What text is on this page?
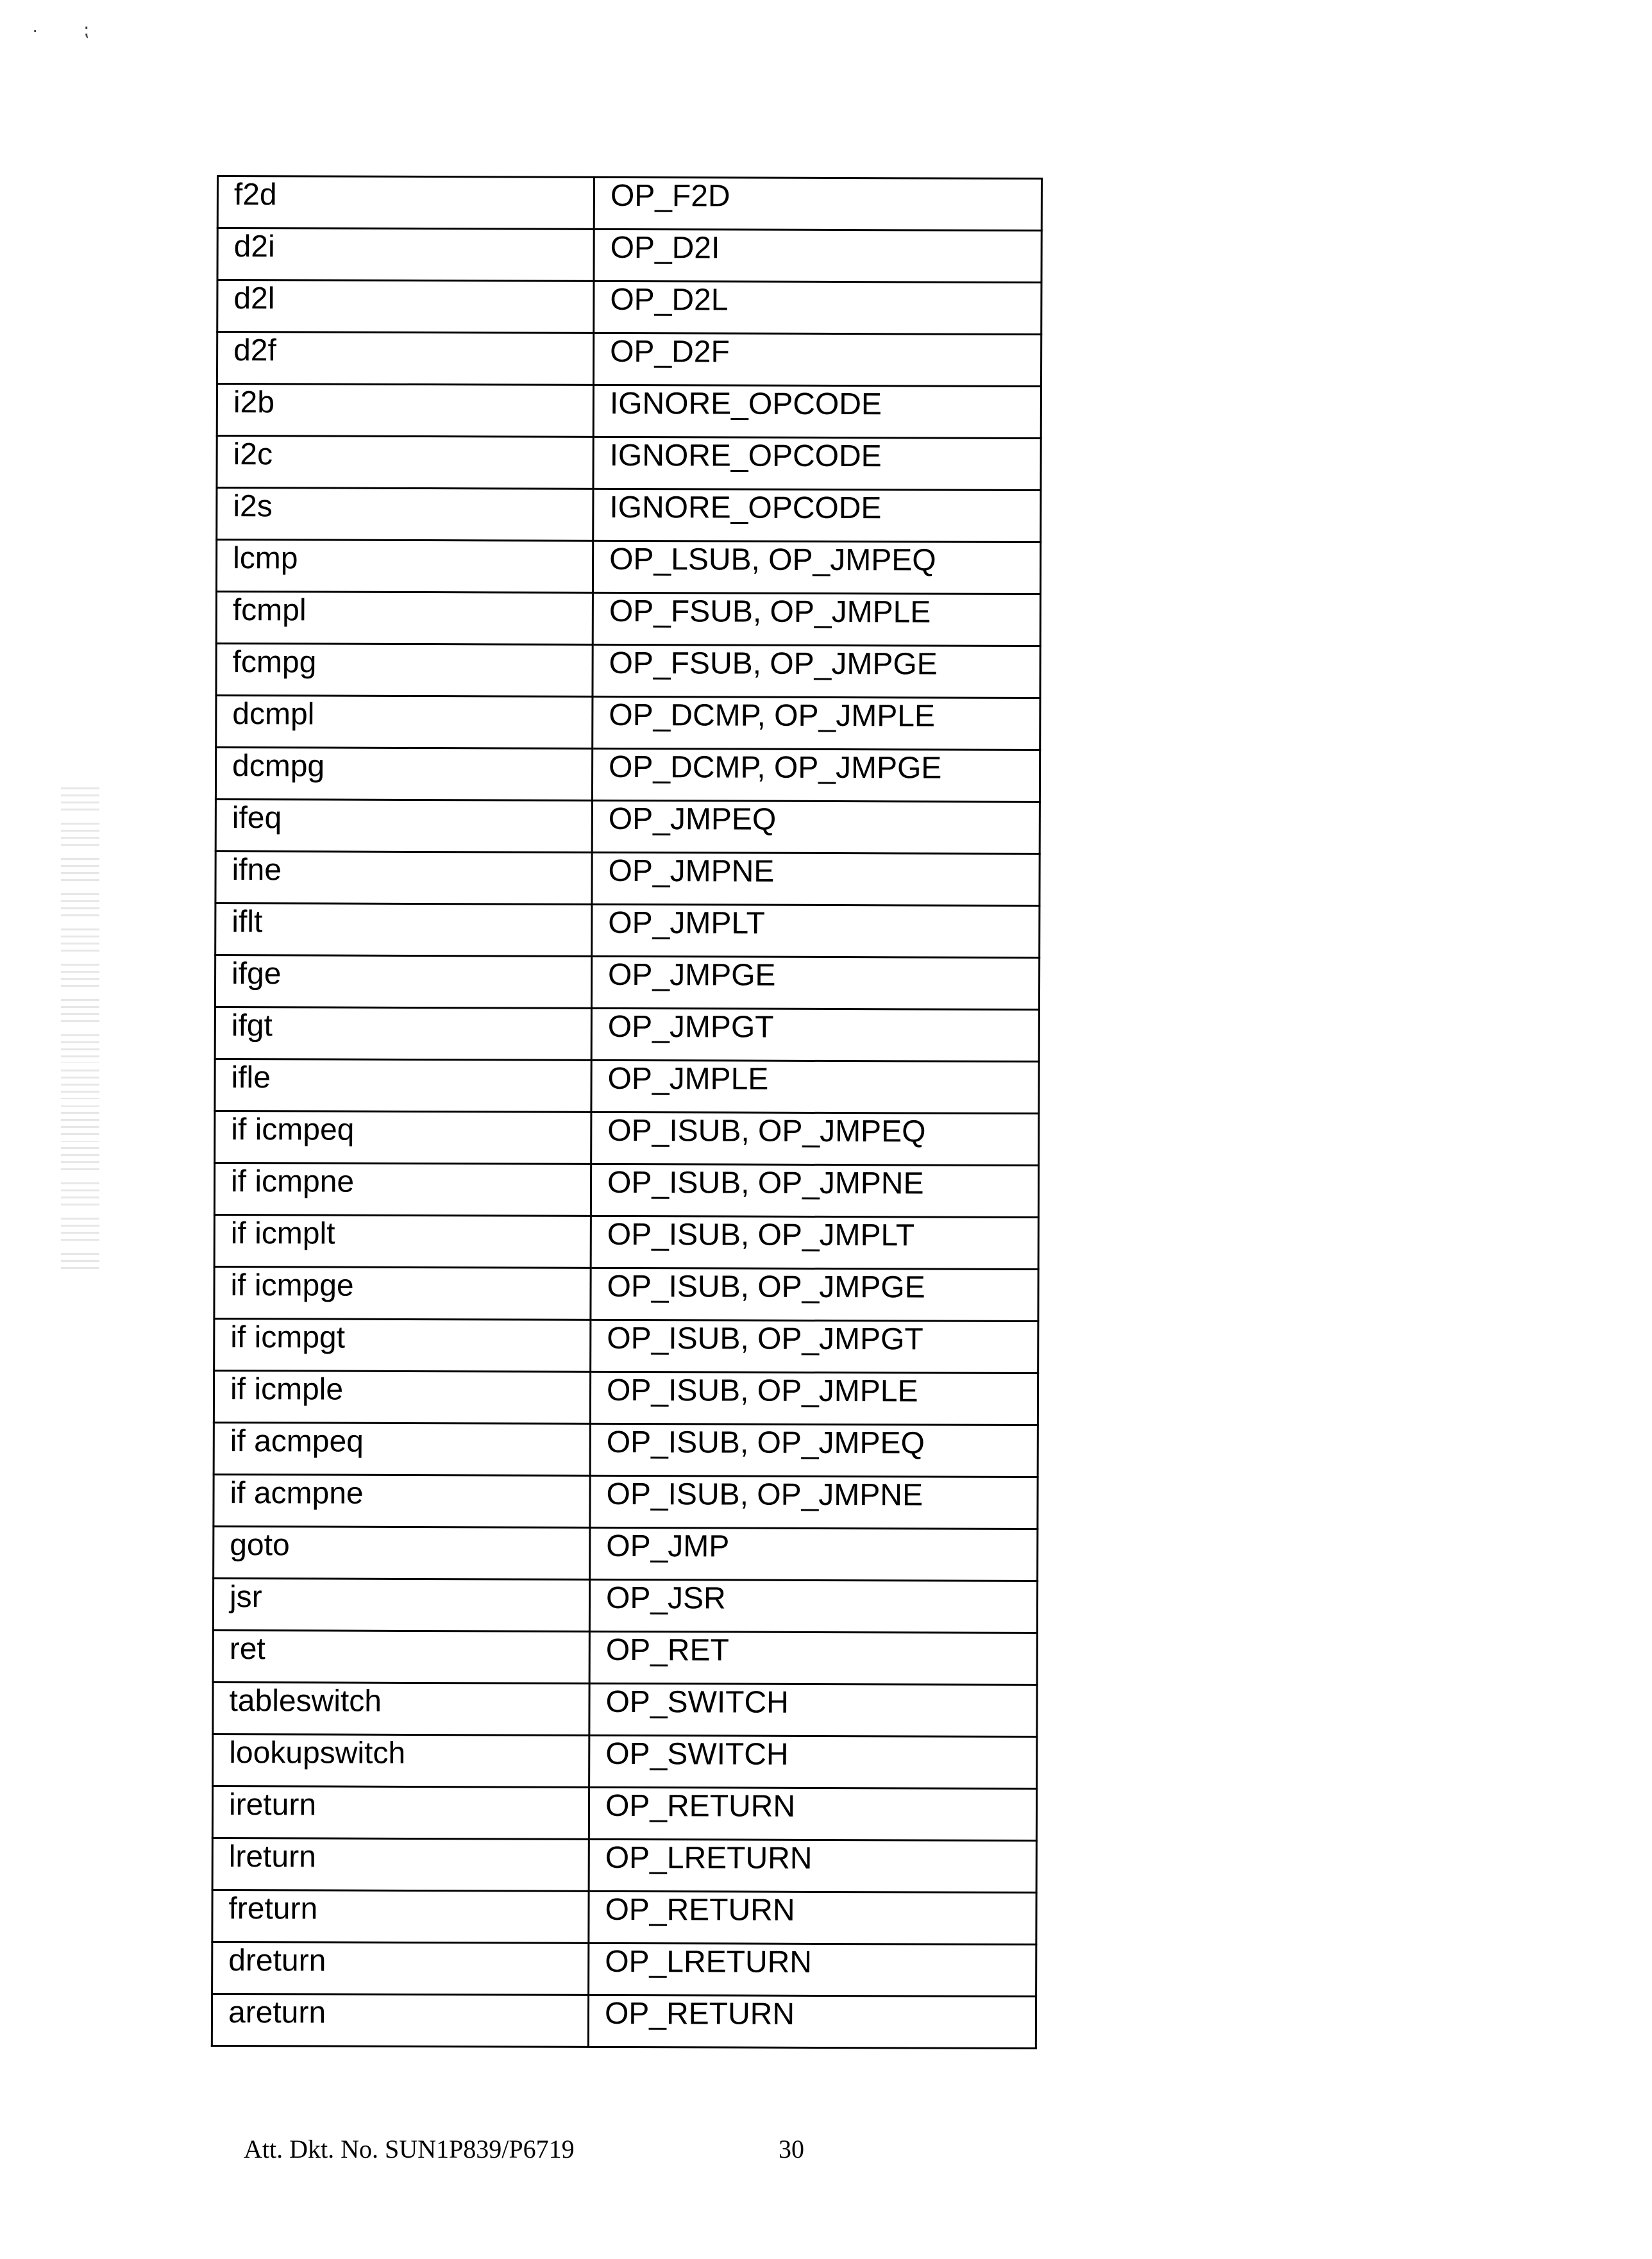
·         ⁏
f2d	OP_F2D
d2i	OP_D2I
d2l	OP_D2L
d2f	OP_D2F
i2b	IGNORE_OPCODE
i2c	IGNORE_OPCODE
i2s	IGNORE_OPCODE
lcmp	OP_LSUB, OP_JMPEQ
fcmpl	OP_FSUB, OP_JMPLE
fcmpg	OP_FSUB, OP_JMPGE
dcmpl	OP_DCMP, OP_JMPLE
dcmpg	OP_DCMP, OP_JMPGE
ifeq	OP_JMPEQ
ifne	OP_JMPNE
iflt	OP_JMPLT
ifge	OP_JMPGE
ifgt	OP_JMPGT
ifle	OP_JMPLE
if icmpeq	OP_ISUB, OP_JMPEQ
if icmpne	OP_ISUB, OP_JMPNE
if icmplt	OP_ISUB, OP_JMPLT
if icmpge	OP_ISUB, OP_JMPGE
if icmpgt	OP_ISUB, OP_JMPGT
if icmple	OP_ISUB, OP_JMPLE
if acmpeq	OP_ISUB, OP_JMPEQ
if acmpne	OP_ISUB, OP_JMPNE
goto	OP_JMP
jsr	OP_JSR
ret	OP_RET
tableswitch	OP_SWITCH
lookupswitch	OP_SWITCH
ireturn	OP_RETURN
lreturn	OP_LRETURN
freturn	OP_RETURN
dreturn	OP_LRETURN
areturn	OP_RETURN
Att. Dkt. No. SUN1P839/P6719	30
